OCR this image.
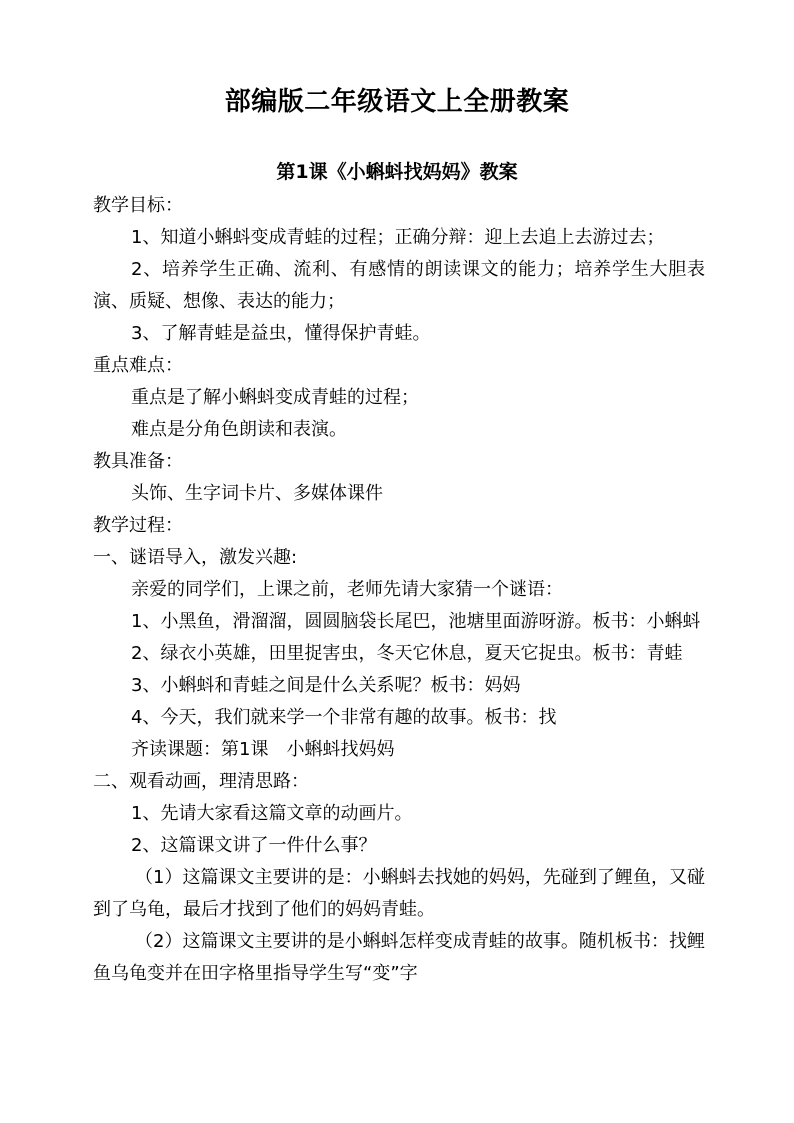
部编版二年级语文上全册教案
第1课《小蝌蚪找妈妈》教案

教学目标：

1、知道小蝌蚪变成青蛙的过程；正确分辩：迎上去追上去游过去；

2、培养学生正确、流利、有感情的朗读课文的能力；培养学生大胆表演、质疑、想像、表达的能力；

3、了解青蛙是益虫，懂得保护青蛙。

重点难点：

重点是了解小蝌蚪变成青蛙的过程；

难点是分角色朗读和表演。

教具准备：

头饰、生字词卡片、多媒体课件

教学过程：

一、谜语导入，激发兴趣:

亲爱的同学们，上课之前，老师先请大家猜一个谜语：

1、小黑鱼，滑溜溜，圆圆脑袋长尾巴，池塘里面游呀游。板书：小蝌蚪

2、绿衣小英雄，田里捉害虫，冬天它休息，夏天它捉虫。板书：青蛙

3、小蝌蚪和青蛙之间是什么关系呢？板书：妈妈

4、今天，我们就来学一个非常有趣的故事。板书：找

齐读课题：第1课　小蝌蚪找妈妈

二、观看动画，理清思路：

1、先请大家看这篇文章的动画片。

2、这篇课文讲了一件什么事？

（1）这篇课文主要讲的是：小蝌蚪去找她的妈妈，先碰到了鲤鱼，又碰到了乌龟，最后才找到了他们的妈妈青蛙。

（2）这篇课文主要讲的是小蝌蚪怎样变成青蛙的故事。随机板书：找鲤鱼乌龟变并在田字格里指导学生写“变”字
